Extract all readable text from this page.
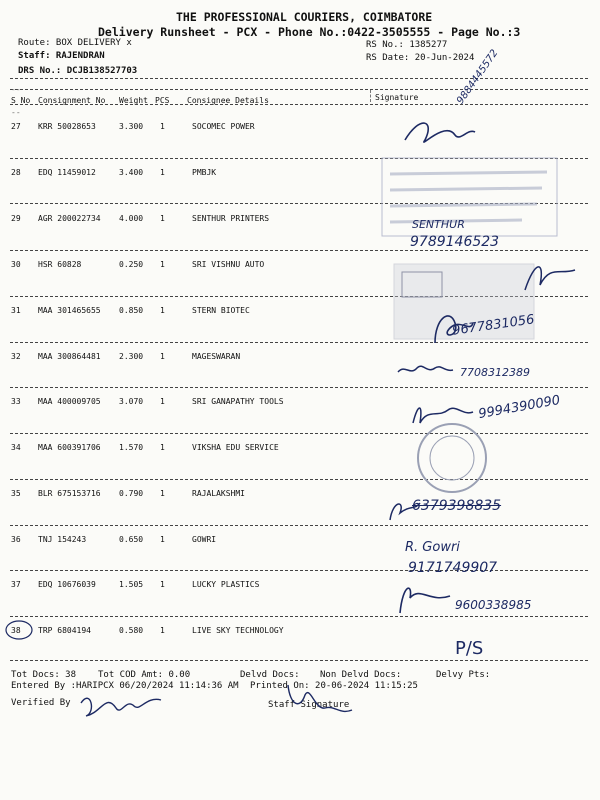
THE PROFESSIONAL COURIERS, COIMBATORE
Delivery Runsheet - PCX - Phone No.:0422-3505555 - Page No.:3
Route: BOX DELIVERY x
Staff: RAJENDRAN
DRS No.: DCJB138527703
RS No.: 1385277
RS Date: 20-Jun-2024
--
S No Consignment No Weight PCS Consignee Details	Signature
--
27 KRR 50028653	3.300 1	SOCOMEC POWER
28 EDQ 11459012	3.400 1	PMBJK
29 AGR 200022734 4.000 1	SENTHUR PRINTERS
30 HSR 60828	0.250 1	SRI VISHNU AUTO
31 MAA 301465655 0.850 1	STERN BIOTEC
32 MAA 300864481 2.300 1	MAGESWARAN
33 MAA 400009705 3.070 1	SRI GANAPATHY TOOLS
34 MAA 600391706 1.570 1	VIKSHA EDU SERVICE
35 BLR 675153716 0.790 1	RAJALAKSHMI
36 TNJ 154243	0.650 1	GOWRI
37 EDQ 10676039	1.505 1	LUCKY PLASTICS
38 TRP 6804194	0.580 1	LIVE SKY TECHNOLOGY
9884445572
SENTHUR
9789146523
9677831056
7708312389
9994390090
6379398835
R. Gowri
9171749907
9600338985
P/S
Tot Docs: 38 Tot COD Amt: 0.00	Delvd Docs: Non Delvd Docs:	Delvy Pts:
Entered By :HARIPCX 06/20/2024 11:14:36 AM Printed On: 20-06-2024 11:15:25
Verified By	Staff Signature
